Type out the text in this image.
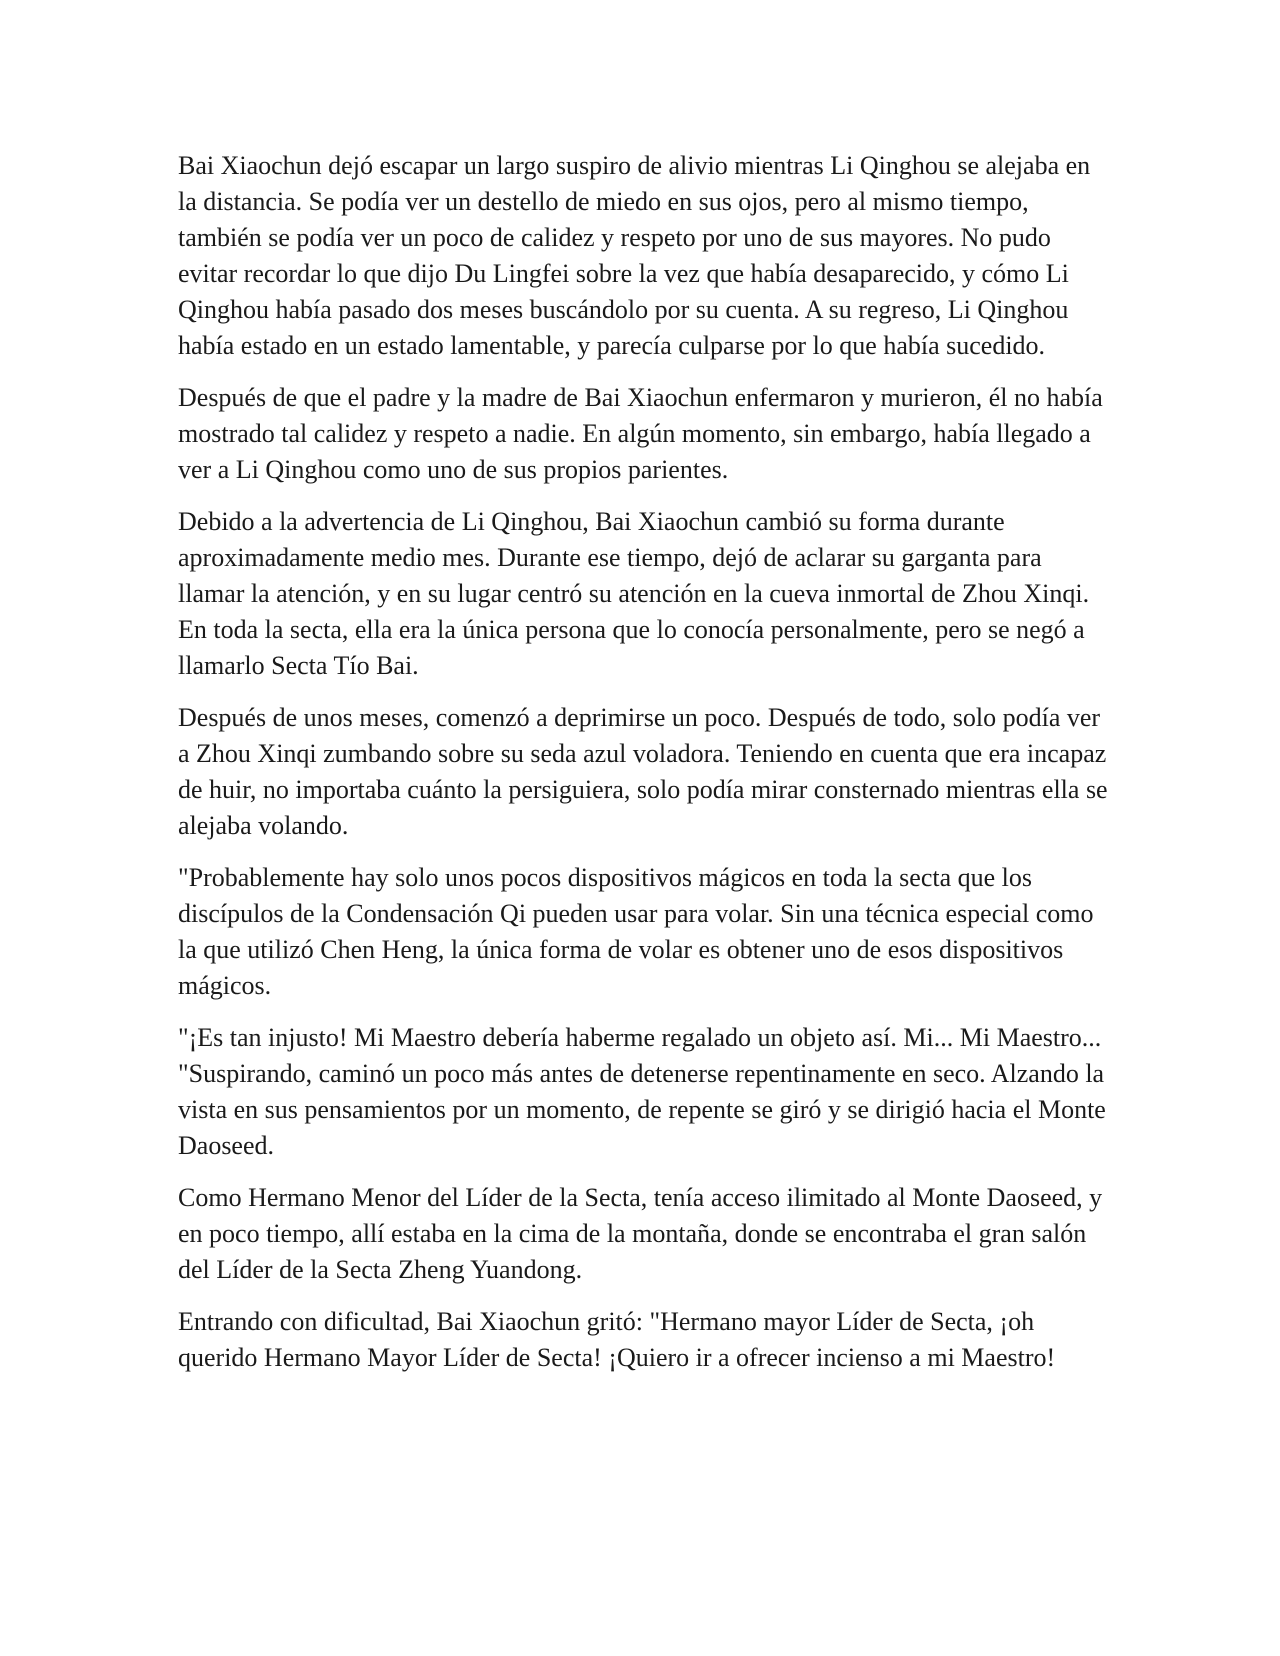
Bai Xiaochun dejó escapar un largo suspiro de alivio mientras Li Qinghou se alejaba en la distancia. Se podía ver un destello de miedo en sus ojos, pero al mismo tiempo, también se podía ver un poco de calidez y respeto por uno de sus mayores. No pudo evitar recordar lo que dijo Du Lingfei sobre la vez que había desaparecido, y cómo Li Qinghou había pasado dos meses buscándolo por su cuenta. A su regreso, Li Qinghou había estado en un estado lamentable, y parecía culparse por lo que había sucedido.

Después de que el padre y la madre de Bai Xiaochun enfermaron y murieron, él no había mostrado tal calidez y respeto a nadie. En algún momento, sin embargo, había llegado a ver a Li Qinghou como uno de sus propios parientes.

Debido a la advertencia de Li Qinghou, Bai Xiaochun cambió su forma durante aproximadamente medio mes. Durante ese tiempo, dejó de aclarar su garganta para llamar la atención, y en su lugar centró su atención en la cueva inmortal de Zhou Xinqi. En toda la secta, ella era la única persona que lo conocía personalmente, pero se negó a llamarlo Secta Tío Bai.

Después de unos meses, comenzó a deprimirse un poco. Después de todo, solo podía ver a Zhou Xinqi zumbando sobre su seda azul voladora. Teniendo en cuenta que era incapaz de huir, no importaba cuánto la persiguiera, solo podía mirar consternado mientras ella se alejaba volando.

"Probablemente hay solo unos pocos dispositivos mágicos en toda la secta que los discípulos de la Condensación Qi pueden usar para volar. Sin una técnica especial como la que utilizó Chen Heng, la única forma de volar es obtener uno de esos dispositivos mágicos.

"¡Es tan injusto! Mi Maestro debería haberme regalado un objeto así. Mi... Mi Maestro... "Suspirando, caminó un poco más antes de detenerse repentinamente en seco. Alzando la vista en sus pensamientos por un momento, de repente se giró y se dirigió hacia el Monte Daoseed.

Como Hermano Menor del Líder de la Secta, tenía acceso ilimitado al Monte Daoseed, y en poco tiempo, allí estaba en la cima de la montaña, donde se encontraba el gran salón del Líder de la Secta Zheng Yuandong.

Entrando con dificultad, Bai Xiaochun gritó: "Hermano mayor Líder de Secta, ¡oh querido Hermano Mayor Líder de Secta! ¡Quiero ir a ofrecer incienso a mi Maestro!
